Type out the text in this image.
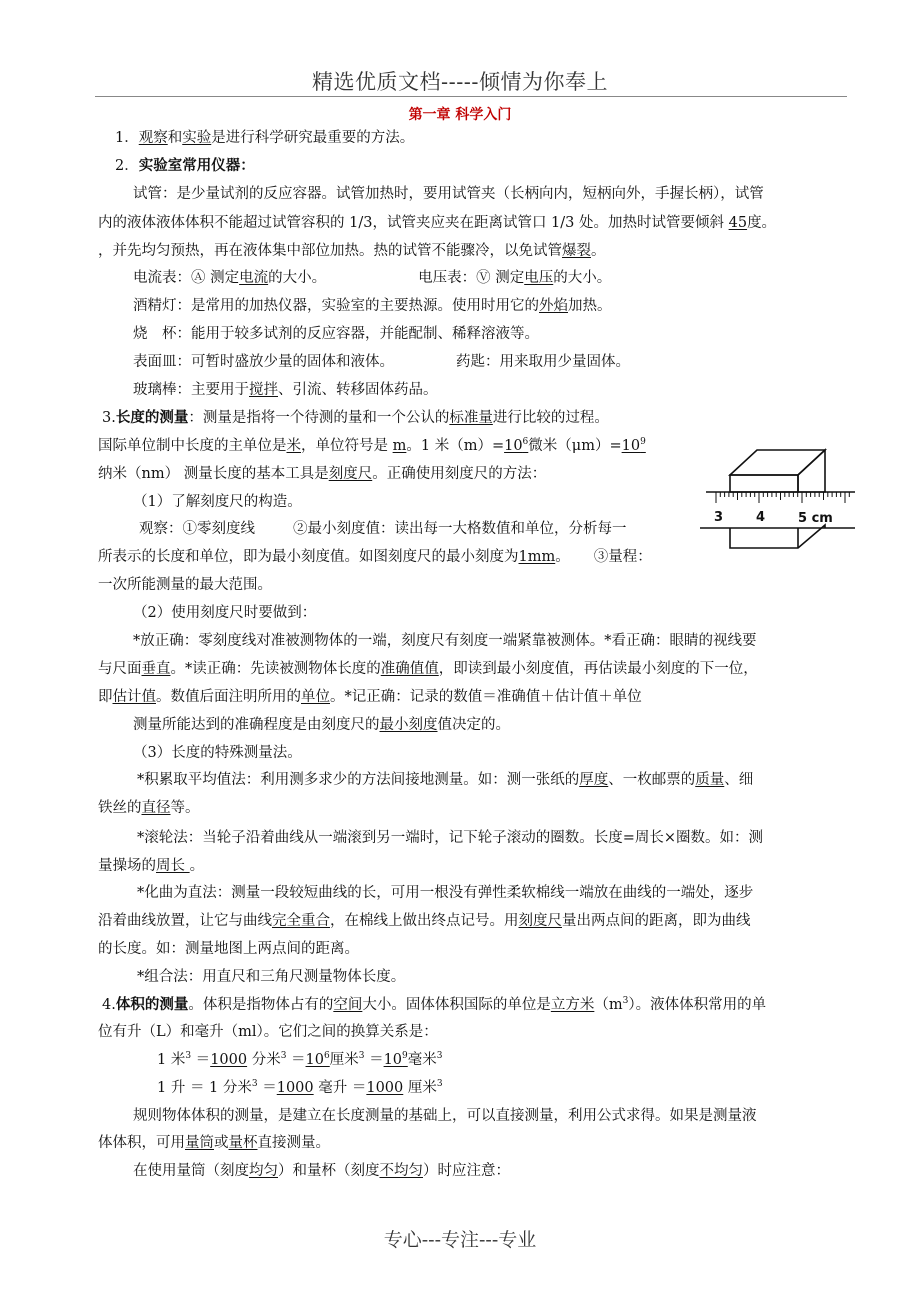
精选优质文档-----倾情为你奉上
第一章 科学入门
1．观察和实验是进行科学研究最重要的方法。
2．实验室常用仪器：
试管：是少量试剂的反应容器。试管加热时，要用试管夹（长柄向内，短柄向外，手握长柄），试管
内的液体液体体积不能超过试管容积的 1/3，试管夹应夹在距离试管口 1/3 处。加热时试管要倾斜 45度。
，并先均匀预热，再在液体集中部位加热。热的试管不能骤冷，以免试管爆裂。
电流表：Ⓐ 测定电流的大小。	电压表：Ⓥ 测定电压的大小。
酒精灯：是常用的加热仪器，实验室的主要热源。使用时用它的外焰加热。
烧　杯：能用于较多试剂的反应容器，并能配制、稀释溶液等。
表面皿：可暂时盛放少量的固体和液体。	药匙：用来取用少量固体。
玻璃棒：主要用于搅拌、引流、转移固体药品。
3.长度的测量：测量是指将一个待测的量和一个公认的标准量进行比较的过程。
国际单位制中长度的主单位是米，单位符号是 m。1 米$(m)=10^6$微米$(\mu m)=10^9$
纳米（nm） 测量长度的基本工具是刻度尺。正确使用刻度尺的方法：
（1）了解刻度尺的构造。
观察：①零刻度线	②最小刻度值：读出每一大格数值和单位，分析每一
所表示的长度和单位，即为最小刻度值。如图刻度尺的最小刻度为1mm。 ③量程：
一次所能测量的最大范围。
（2）使用刻度尺时要做到：
*放正确：零刻度线对准被测物体的一端，刻度尺有刻度一端紧靠被测体。*看正确：眼睛的视线要
与尺面垂直。*读正确：先读被测物体长度的准确值值，即读到最小刻度值，再估读最小刻度的下一位，
即估计值。数值后面注明所用的单位。*记正确：记录的数值＝准确值＋估计值＋单位
测量所能达到的准确程度是由刻度尺的最小刻度值决定的。
（3）长度的特殊测量法。
*积累取平均值法：利用测多求少的方法间接地测量。如：测一张纸的厚度、一枚邮票的质量、细
铁丝的直径等。
*滚轮法：当轮子沿着曲线从一端滚到另一端时，记下轮子滚动的圈数。长度=周长×圈数。如：测
量操场的周长 。
*化曲为直法：测量一段较短曲线的长，可用一根没有弹性柔软棉线一端放在曲线的一端处，逐步
沿着曲线放置，让它与曲线完全重合，在棉线上做出终点记号。用刻度尺量出两点间的距离，即为曲线
的长度。如：测量地图上两点间的距离。
*组合法：用直尺和三角尺测量物体长度。
4.体积的测量。体积是指物体占有的空间大小。固体体积国际的单位是立方米$(m^3)$。液体体积常用的单
位有升（L）和毫升（ml）。它们之间的换算关系是：
1 米$^3$ ＝1000 分米$^3 =10^6$厘米$^3 =10^9$毫米$^3$
1 升 ＝ 1 分米$^3$ ＝1000 毫升 ＝1000 厘米$^3$
规则物体体积的测量，是建立在长度测量的基础上，可以直接测量，利用公式求得。如果是测量液
体体积，可用量筒或量杯直接测量。
在使用量筒（刻度均匀）和量杯（刻度不均匀）时应注意：
3	4	5 cm
专心---专注---专业
